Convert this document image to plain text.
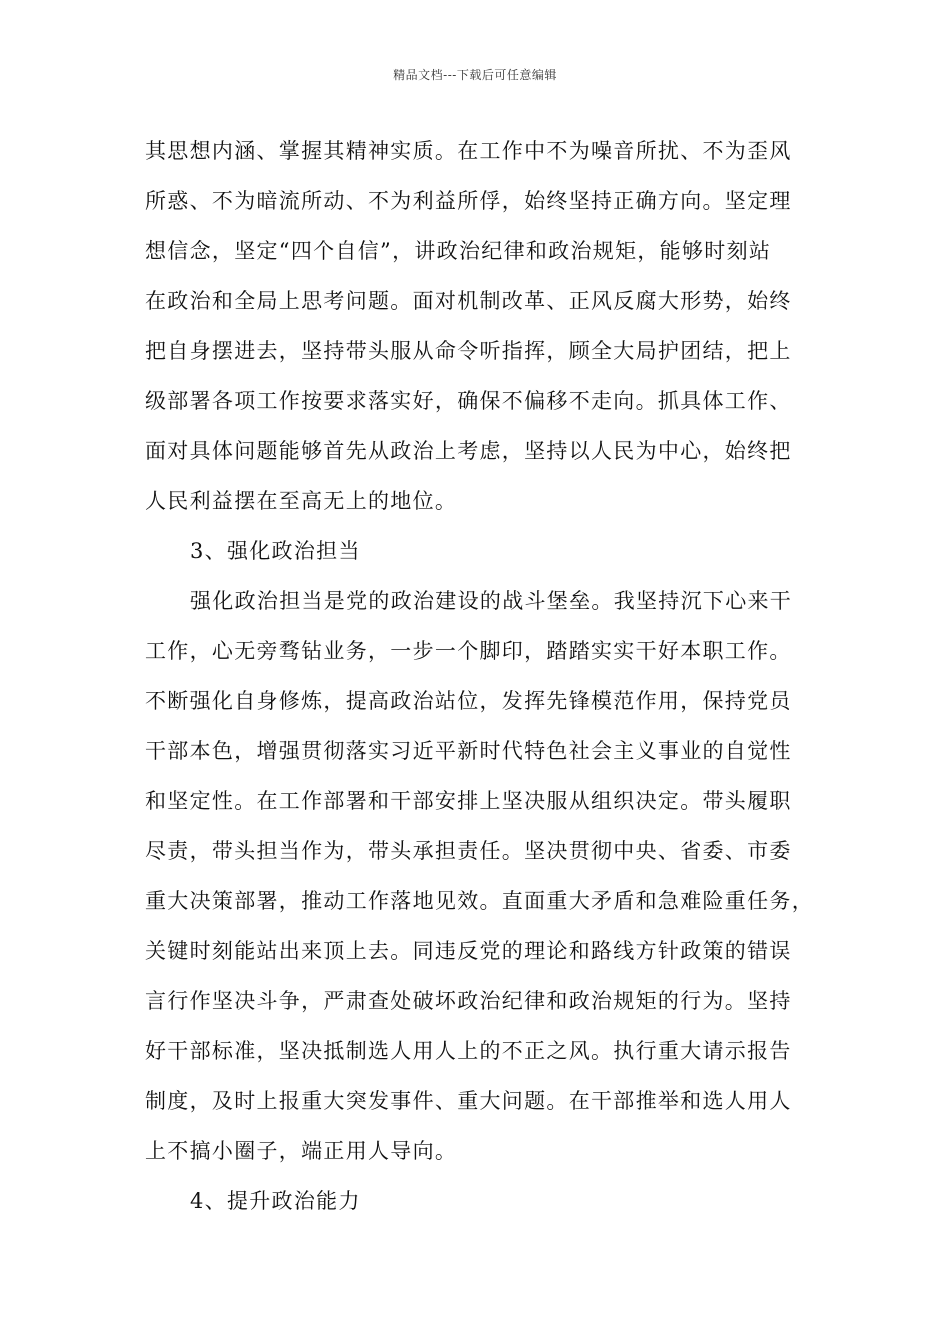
精品文档---下载后可任意编辑
其思想内涵、掌握其精神实质。在工作中不为噪音所扰、不为歪风
所惑、不为暗流所动、不为利益所俘，始终坚持正确方向。坚定理
想信念，坚定“四个自信”，讲政治纪律和政治规矩，能够时刻站
在政治和全局上思考问题。面对机制改革、正风反腐大形势，始终
把自身摆进去，坚持带头服从命令听指挥，顾全大局护团结，把上
级部署各项工作按要求落实好，确保不偏移不走向。抓具体工作、
面对具体问题能够首先从政治上考虑，坚持以人民为中心，始终把
人民利益摆在至高无上的地位。
3、强化政治担当
强化政治担当是党的政治建设的战斗堡垒。我坚持沉下心来干
工作，心无旁骛钻业务，一步一个脚印，踏踏实实干好本职工作。
不断强化自身修炼，提高政治站位，发挥先锋模范作用，保持党员
干部本色，增强贯彻落实习近平新时代特色社会主义事业的自觉性
和坚定性。在工作部署和干部安排上坚决服从组织决定。带头履职
尽责，带头担当作为，带头承担责任。坚决贯彻中央、省委、市委
重大决策部署，推动工作落地见效。直面重大矛盾和急难险重任务，
关键时刻能站出来顶上去。同违反党的理论和路线方针政策的错误
言行作坚决斗争，严肃查处破坏政治纪律和政治规矩的行为。坚持
好干部标准，坚决抵制选人用人上的不正之风。执行重大请示报告
制度，及时上报重大突发事件、重大问题。在干部推举和选人用人
上不搞小圈子，端正用人导向。
4、提升政治能力
